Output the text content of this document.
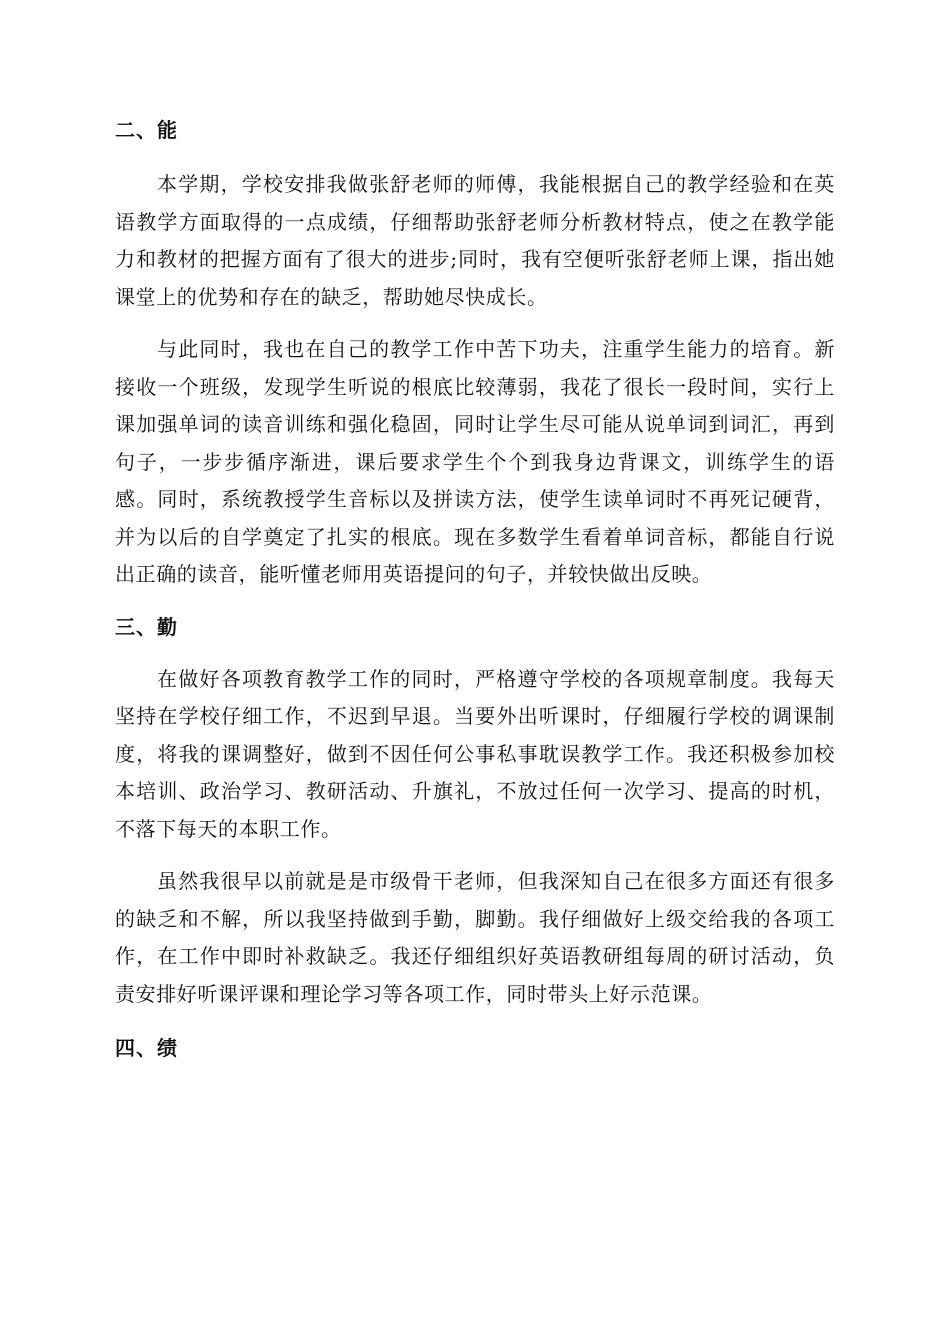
二、能

本学期，学校安排我做张舒老师的师傅，我能根据自己的教学经验和在英语教学方面取得的一点成绩，仔细帮助张舒老师分析教材特点，使之在教学能力和教材的把握方面有了很大的进步;同时，我有空便听张舒老师上课，指出她课堂上的优势和存在的缺乏，帮助她尽快成长。

与此同时，我也在自己的教学工作中苦下功夫，注重学生能力的培育。新接收一个班级，发现学生听说的根底比较薄弱，我花了很长一段时间，实行上课加强单词的读音训练和强化稳固，同时让学生尽可能从说单词到词汇，再到句子，一步步循序渐进，课后要求学生个个到我身边背课文，训练学生的语感。同时，系统教授学生音标以及拼读方法，使学生读单词时不再死记硬背，并为以后的自学奠定了扎实的根底。现在多数学生看着单词音标，都能自行说出正确的读音，能听懂老师用英语提问的句子，并较快做出反映。

三、勤

在做好各项教育教学工作的同时，严格遵守学校的各项规章制度。我每天坚持在学校仔细工作，不迟到早退。当要外出听课时，仔细履行学校的调课制度，将我的课调整好，做到不因任何公事私事耽误教学工作。我还积极参加校本培训、政治学习、教研活动、升旗礼，不放过任何一次学习、提高的时机，不落下每天的本职工作。

虽然我很早以前就是是市级骨干老师，但我深知自己在很多方面还有很多的缺乏和不解，所以我坚持做到手勤，脚勤。我仔细做好上级交给我的各项工作，在工作中即时补救缺乏。我还仔细组织好英语教研组每周的研讨活动，负责安排好听课评课和理论学习等各项工作，同时带头上好示范课。

四、绩
